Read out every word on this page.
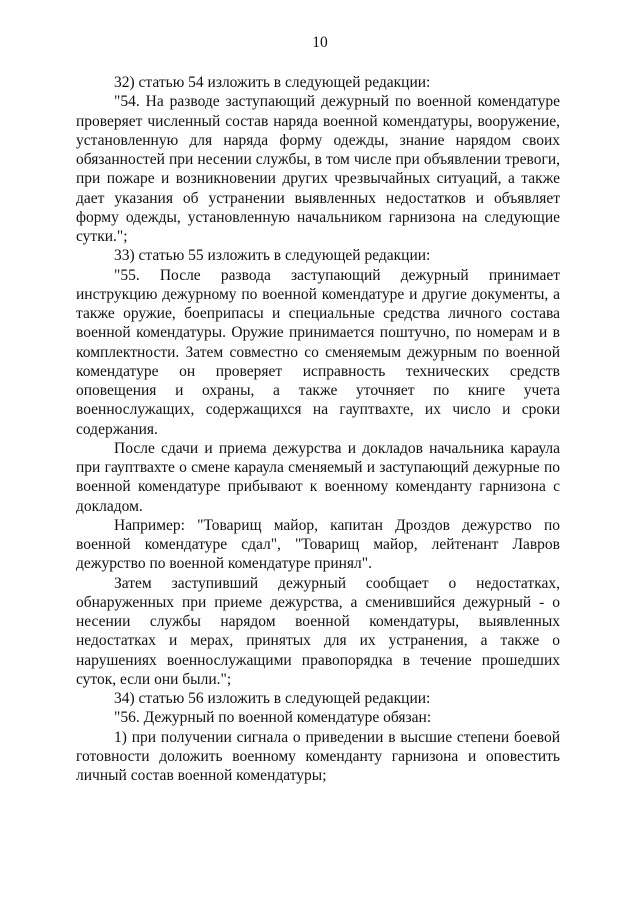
10

32) статью 54 изложить в следующей редакции:

"54. На разводе заступающий дежурный по военной комендатуре проверяет численный состав наряда военной комендатуры, вооружение, установленную для наряда форму одежды, знание нарядом своих обязанностей при несении службы, в том числе при объявлении тревоги, при пожаре и возникновении других чрезвычайных ситуаций, а также дает указания об устранении выявленных недостатков и объявляет форму одежды, установленную начальником гарнизона на следующие сутки.";

33) статью 55 изложить в следующей редакции:

"55. После развода заступающий дежурный принимает инструкцию дежурному по военной комендатуре и другие документы, а также оружие, боеприпасы и специальные средства личного состава военной комендатуры. Оружие принимается поштучно, по номерам и в комплектности. Затем совместно со сменяемым дежурным по военной комендатуре он проверяет исправность технических средств оповещения и охраны, а также уточняет по книге учета военнослужащих, содержащихся на гауптвахте, их число и сроки содержания.

После сдачи и приема дежурства и докладов начальника караула при гауптвахте о смене караула сменяемый и заступающий дежурные по военной комендатуре прибывают к военному коменданту гарнизона с докладом.

Например: "Товарищ майор, капитан Дроздов дежурство по военной комендатуре сдал", "Товарищ майор, лейтенант Лавров дежурство по военной комендатуре принял".

Затем заступивший дежурный сообщает о недостатках, обнаруженных при приеме дежурства, а сменившийся дежурный - о несении службы нарядом военной комендатуры, выявленных недостатках и мерах, принятых для их устранения, а также о нарушениях военнослужащими правопорядка в течение прошедших суток, если они были.";

34) статью 56 изложить в следующей редакции:

"56. Дежурный по военной комендатуре обязан:

1) при получении сигнала о приведении в высшие степени боевой готовности доложить военному коменданту гарнизона и оповестить личный состав военной комендатуры;
